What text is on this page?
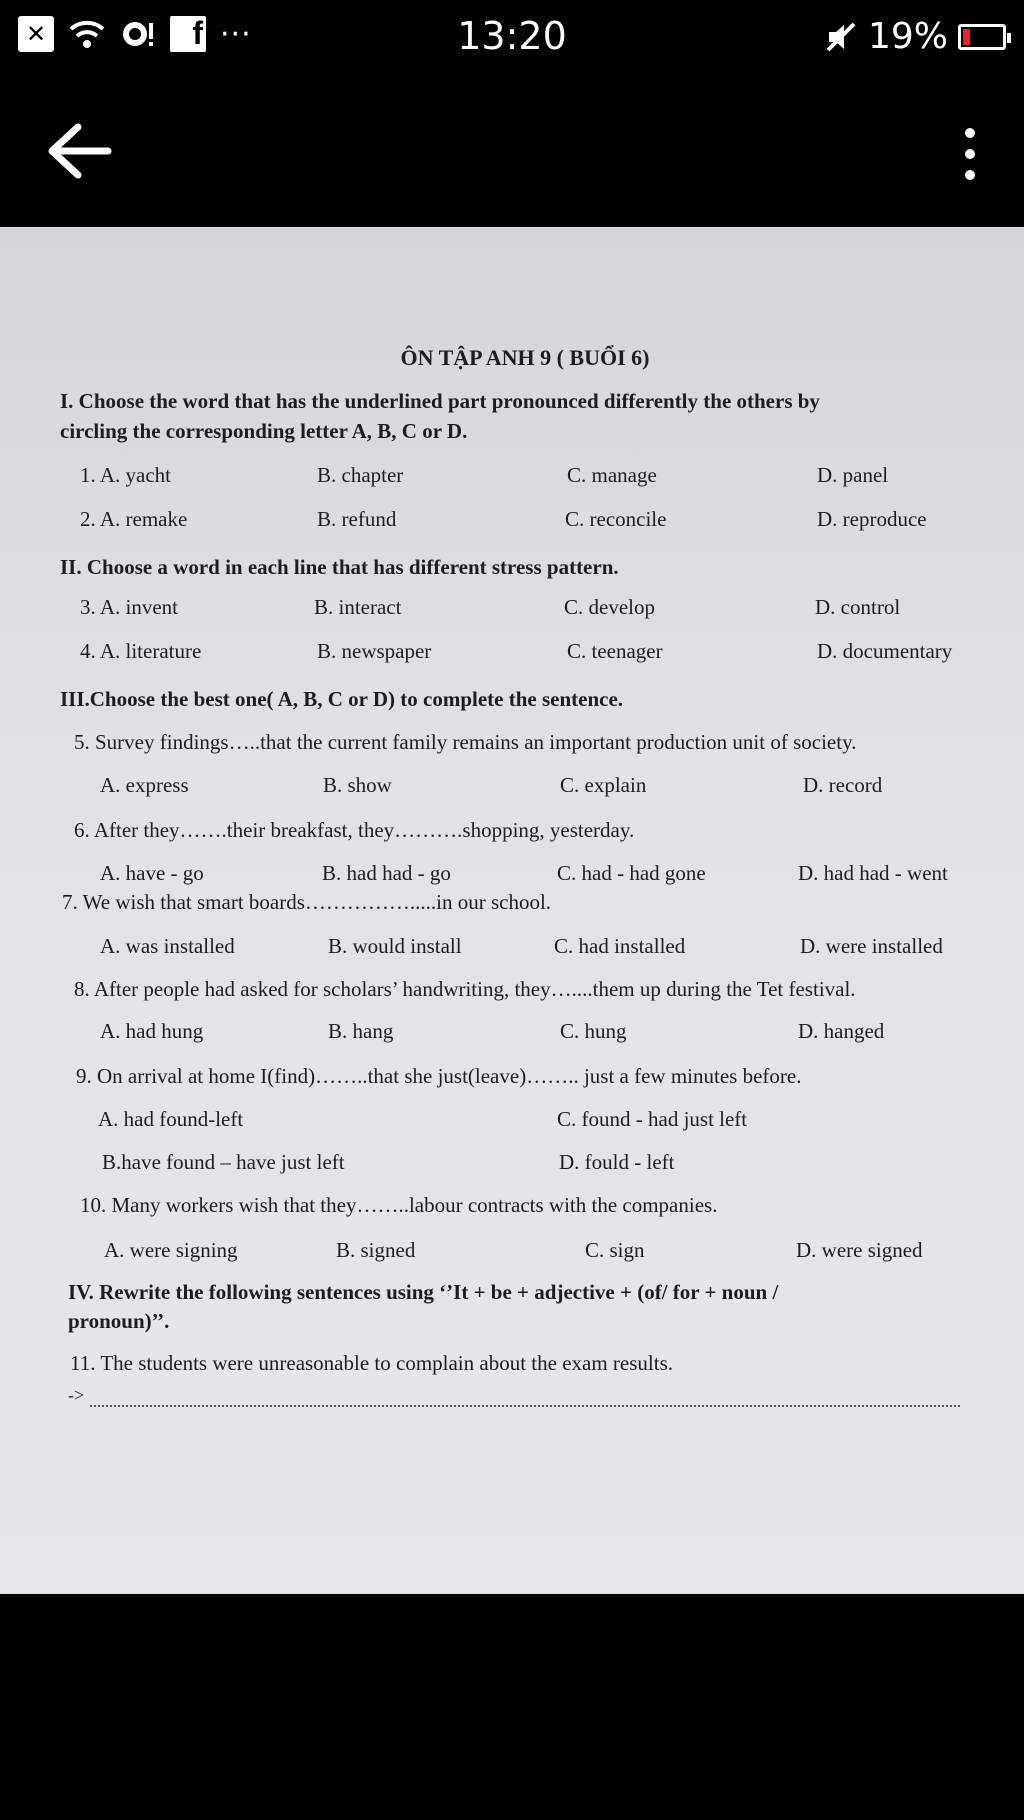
✕	f ···	13:20	19%
ÔN TẬP ANH 9 ( BUỔI 6)
I. Choose the word that has the underlined part pronounced differently the others by
circling the corresponding letter A, B, C or D.
1. A. yacht	B. chapter	C. manage	D. panel
2. A. remake	B. refund	C. reconcile	D. reproduce
II. Choose a word in each line that has different stress pattern.
3. A. invent	B. interact	C. develop	D. control
4. A. literature	B. newspaper	C. teenager	D. documentary
III.Choose the best one( A, B, C or D) to complete the sentence.
5. Survey findings…..that the current family remains an important production unit of society.
A. express	B. show	C. explain	D. record
6. After they…….their breakfast, they……….shopping, yesterday.
A. have - go	B. had had - go	C. had - had gone	D. had had - went
7. We wish that smart boards…………….....in our school.
A. was installed	B. would install	C. had installed	D. were installed
8. After people had asked for scholars’ handwriting, they…....them up during the Tet festival.
A. had hung	B. hang	C. hung	D. hanged
9. On arrival at home I(find)……..that she just(leave)…….. just a few minutes before.
A. had found-left	C. found - had just left
B.have found – have just left	D. fould - left
10. Many workers wish that they……..labour contracts with the companies.
A. were signing	B. signed	C. sign	D. were signed
IV. Rewrite the following sentences using ‘’It + be + adjective + (of/ for + noun /
pronoun)’’.
11. The students were unreasonable to complain about the exam results.
->
